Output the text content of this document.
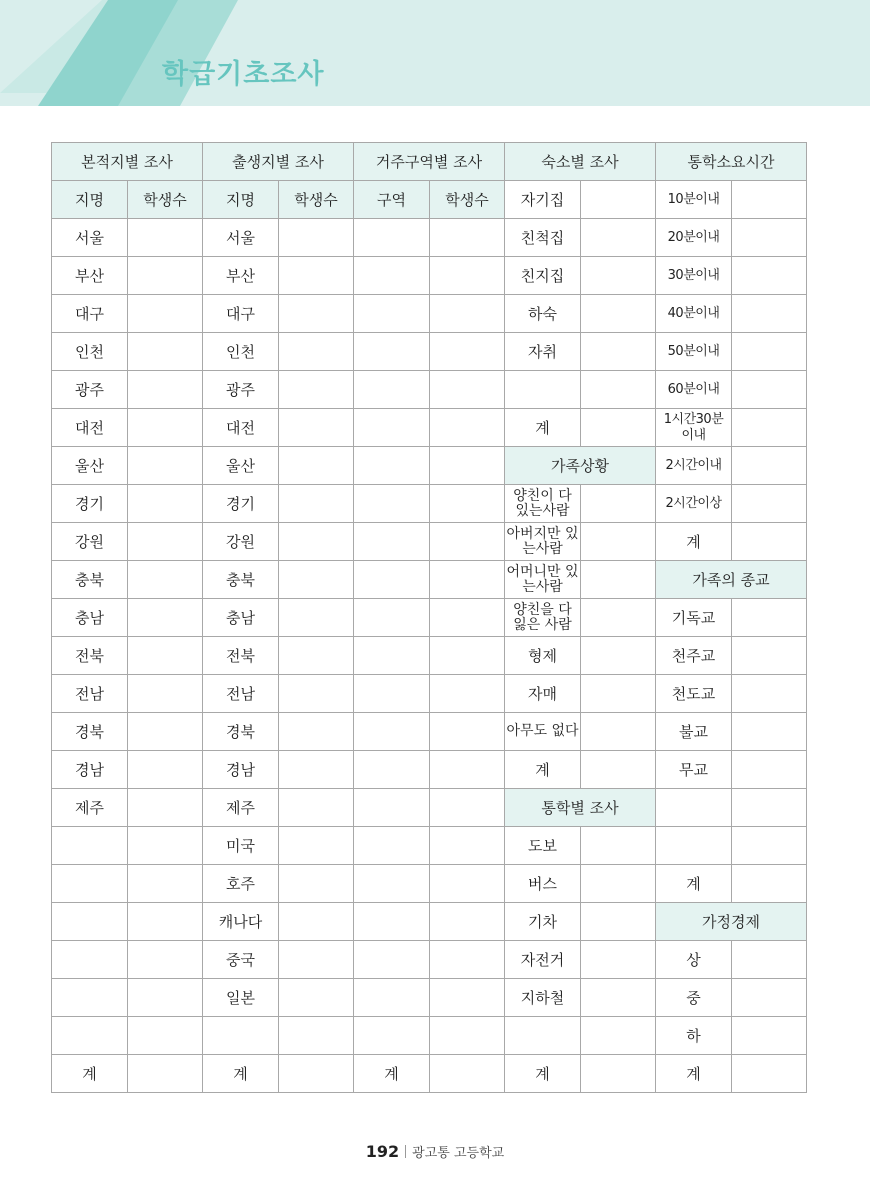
학급기초조사
본적지별 조사		출생지별 조사		거주구역별 조사		숙소별 조사		통학소요시간	
지명	학생수	지명	학생수	구역	학생수	자기집		10분이내	
서울		서울				친척집		20분이내	
부산		부산				친지집		30분이내	
대구		대구				하숙		40분이내	
인천		인천				자취		50분이내	
광주		광주						60분이내	
대전		대전				계		1시간30분 이내	
울산		울산				가족상황		2시간이내	
경기		경기				양친이 다 있는사람		2시간이상	
강원		강원				아버지만 있는사람		계	
충북		충북				어머니만 있는사람		가족의 종교	
충남		충남				양친을 다 잃은 사람		기독교	
전북		전북				형제		천주교	
전남		전남				자매		천도교	
경북		경북				아무도 없다		불교	
경남		경남				계		무교	
제주		제주				통학별 조사			
		미국				도보			
		호주				버스		계	
		캐나다				기차		가정경제	
		중국				자전거		상	
		일본				지하철		중	
								하	
계		계		계		계		계	
192 광고통 고등학교
